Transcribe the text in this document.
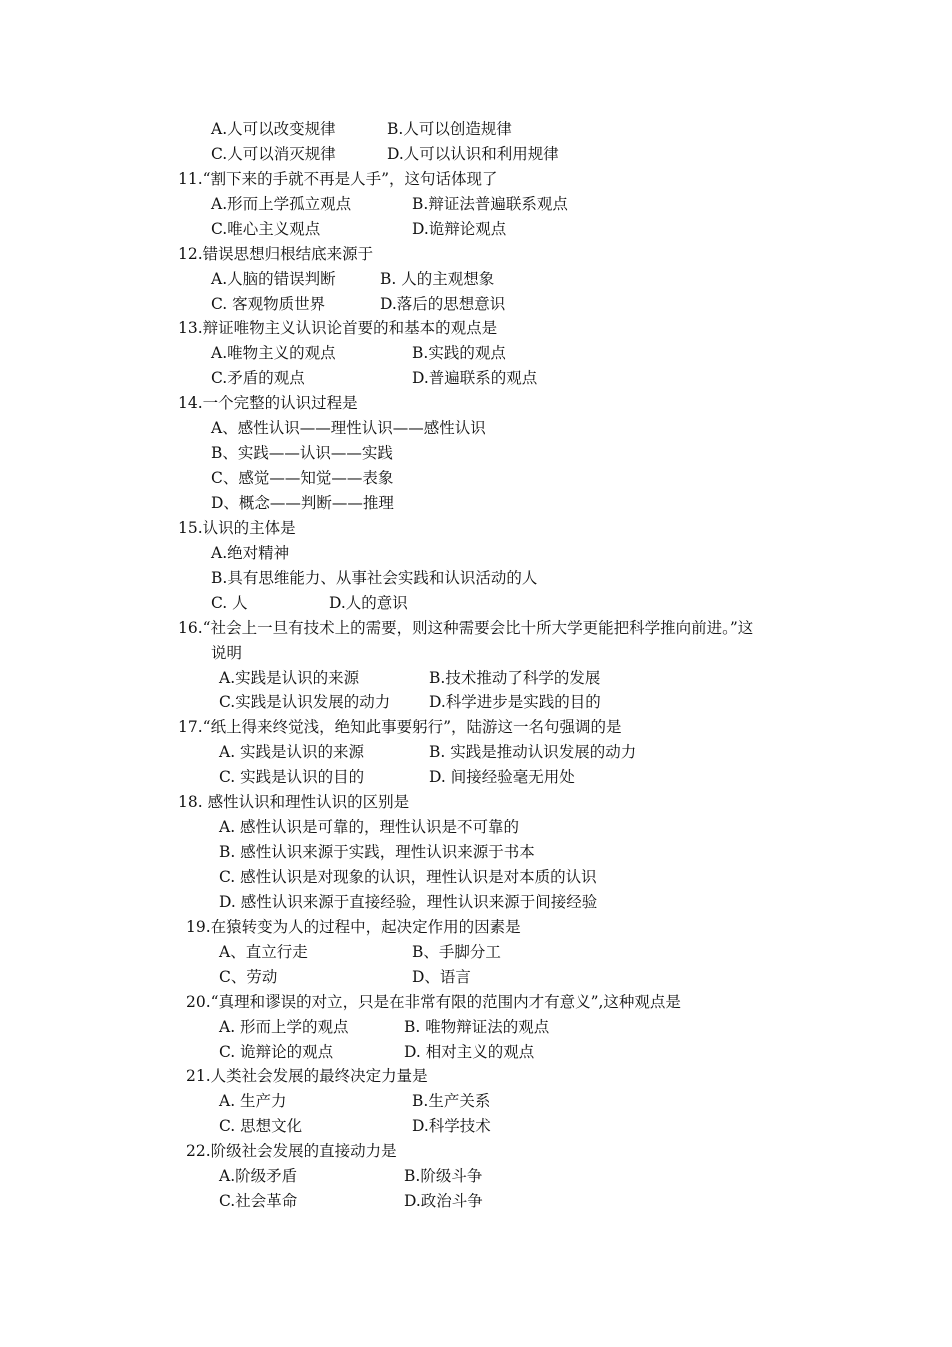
A.人可以改变规律	B.人可以创造规律
C.人可以消灭规律	D.人可以认识和利用规律
11.“割下来的手就不再是人手”，这句话体现了
A.形而上学孤立观点	B.辩证法普遍联系观点
C.唯心主义观点	D.诡辩论观点
12.错误思想归根结底来源于
A.人脑的错误判断	B. 人的主观想象
C. 客观物质世界	D.落后的思想意识
13.辩证唯物主义认识论首要的和基本的观点是
A.唯物主义的观点	B.实践的观点
C.矛盾的观点	D.普遍联系的观点
14.一个完整的认识过程是
A、感性认识——理性认识——感性认识
B、实践——认识——实践
C、感觉——知觉——表象
D、概念——判断——推理
15.认识的主体是
A.绝对精神
B.具有思维能力、从事社会实践和认识活动的人
C. 人	D.人的意识
16.“社会上一旦有技术上的需要，则这种需要会比十所大学更能把科学推向前进。”这
说明
A.实践是认识的来源	B.技术推动了科学的发展
C.实践是认识发展的动力	D.科学进步是实践的目的
17.“纸上得来终觉浅，绝知此事要躬行”，陆游这一名句强调的是
A. 实践是认识的来源	B. 实践是推动认识发展的动力
C. 实践是认识的目的	D. 间接经验毫无用处
18. 感性认识和理性认识的区别是
A. 感性认识是可靠的，理性认识是不可靠的
B. 感性认识来源于实践，理性认识来源于书本
C. 感性认识是对现象的认识，理性认识是对本质的认识
D. 感性认识来源于直接经验，理性认识来源于间接经验
19.在猿转变为人的过程中，起决定作用的因素是
A、直立行走	B、手脚分工
C、劳动	D、语言
20.“真理和谬误的对立，只是在非常有限的范围内才有意义”,这种观点是
A. 形而上学的观点	B. 唯物辩证法的观点
C. 诡辩论的观点	D. 相对主义的观点
21.人类社会发展的最终决定力量是
A. 生产力	B.生产关系
C. 思想文化	D.科学技术
22.阶级社会发展的直接动力是
A.阶级矛盾	B.阶级斗争
C.社会革命	D.政治斗争
